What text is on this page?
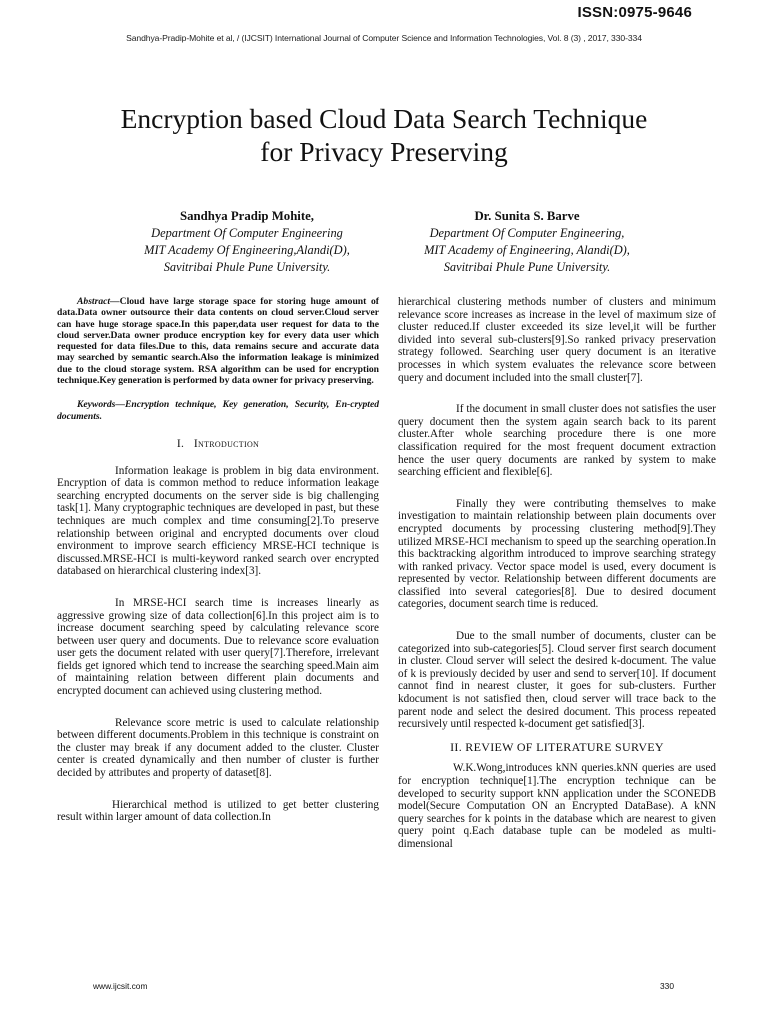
ISSN:0975-9646
Sandhya-Pradip-Mohite et al, / (IJCSIT) International Journal of Computer Science and Information Technologies, Vol. 8 (3) , 2017, 330-334
Encryption based Cloud Data Search Technique
for Privacy Preserving
Sandhya Pradip Mohite,
Department Of Computer Engineering
MIT Academy Of Engineering,Alandi(D),
Savitribai Phule Pune University.
Dr. Sunita S. Barve
Department Of Computer Engineering,
MIT Academy of Engineering, Alandi(D),
Savitribai Phule Pune University.

Abstract—Cloud have large storage space for storing huge amount of data.Data owner outsource their data contents on cloud server.Cloud server can have huge storage space.In this paper,data user request for data to the cloud server.Data owner produce encryption key for every data user which requested for data files.Due to this, data remains secure and accurate data may searched by semantic search.Also the information leakage is minimized due to the cloud storage system. RSA algorithm can be used for encryption technique.Key generation is performed by data owner for privacy preserving.

Keywords—Encryption technique, Key generation, Security, En-crypted documents.

I. Introduction

Information leakage is problem in big data environment. Encryption of data is common method to reduce information leakage searching encrypted documents on the server side is big challenging task[1]. Many cryptographic techniques are developed in past, but these techniques are much complex and time consuming[2].To preserve relationship between original and encrypted documents over cloud environment to improve search efficiency MRSE-HCI technique is discussed.MRSE-HCI is multi-keyword ranked search over encrypted databased on hierarchical clustering index[3].

In MRSE-HCI search time is increases linearly as aggressive growing size of data collection[6].In this project aim is to increase document searching speed by calculating relevance score between user query and documents. Due to relevance score evaluation user gets the document related with user query[7].Therefore, irrelevant fields get ignored which tend to increase the searching speed.Main aim of maintaining relation between different plain documents and encrypted document can achieved using clustering method.

Relevance score metric is used to calculate relationship between different documents.Problem in this technique is constraint on the cluster may break if any document added to the cluster. Cluster center is created dynamically and then number of cluster is further decided by attributes and property of dataset[8].

Hierarchical method is utilized to get better clustering result within larger amount of data collection.In

hierarchical clustering methods number of clusters and minimum relevance score increases as increase in the level of maximum size of cluster reduced.If cluster exceeded its size level,it will be further divided into several sub-clusters[9].So ranked privacy preservation strategy followed. Searching user query document is an iterative processes in which system evaluates the relevance score between query and document included into the small cluster[7].

If the document in small cluster does not satisfies the user query document then the system again search back to its parent cluster.After whole searching procedure there is one more classification required for the most frequent document extraction hence the user query documents are ranked by system to make searching efficient and flexible[6].

Finally they were contributing themselves to make investigation to maintain relationship between plain documents over encrypted documents by processing clustering method[9].They utilized MRSE-HCI mechanism to speed up the searching operation.In this backtracking algorithm introduced to improve searching strategy with ranked privacy. Vector space model is used, every document is represented by vector. Relationship between different documents are classified into several categories[8]. Due to desired document categories, document search time is reduced.

Due to the small number of documents, cluster can be categorized into sub-categories[5]. Cloud server first search document in cluster. Cloud server will select the desired k-document. The value of k is previously decided by user and send to server[10]. If document cannot find in nearest cluster, it goes for sub-clusters. Further kdocument is not satisfied then, cloud server will trace back to the parent node and select the desired document. This process repeated recursively until respected k-document get satisfied[3].

II. REVIEW OF LITERATURE SURVEY

W.K.Wong,introduces kNN queries.kNN queries are used for encryption technique[1].The encryption technique can be developed to security support kNN application under the SCONEDB model(Secure Computation ON an Encrypted DataBase). A kNN query searches for k points in the database which are nearest to given query point q.Each database tuple can be modeled as multi-dimensional

www.ijcsit.com	330
